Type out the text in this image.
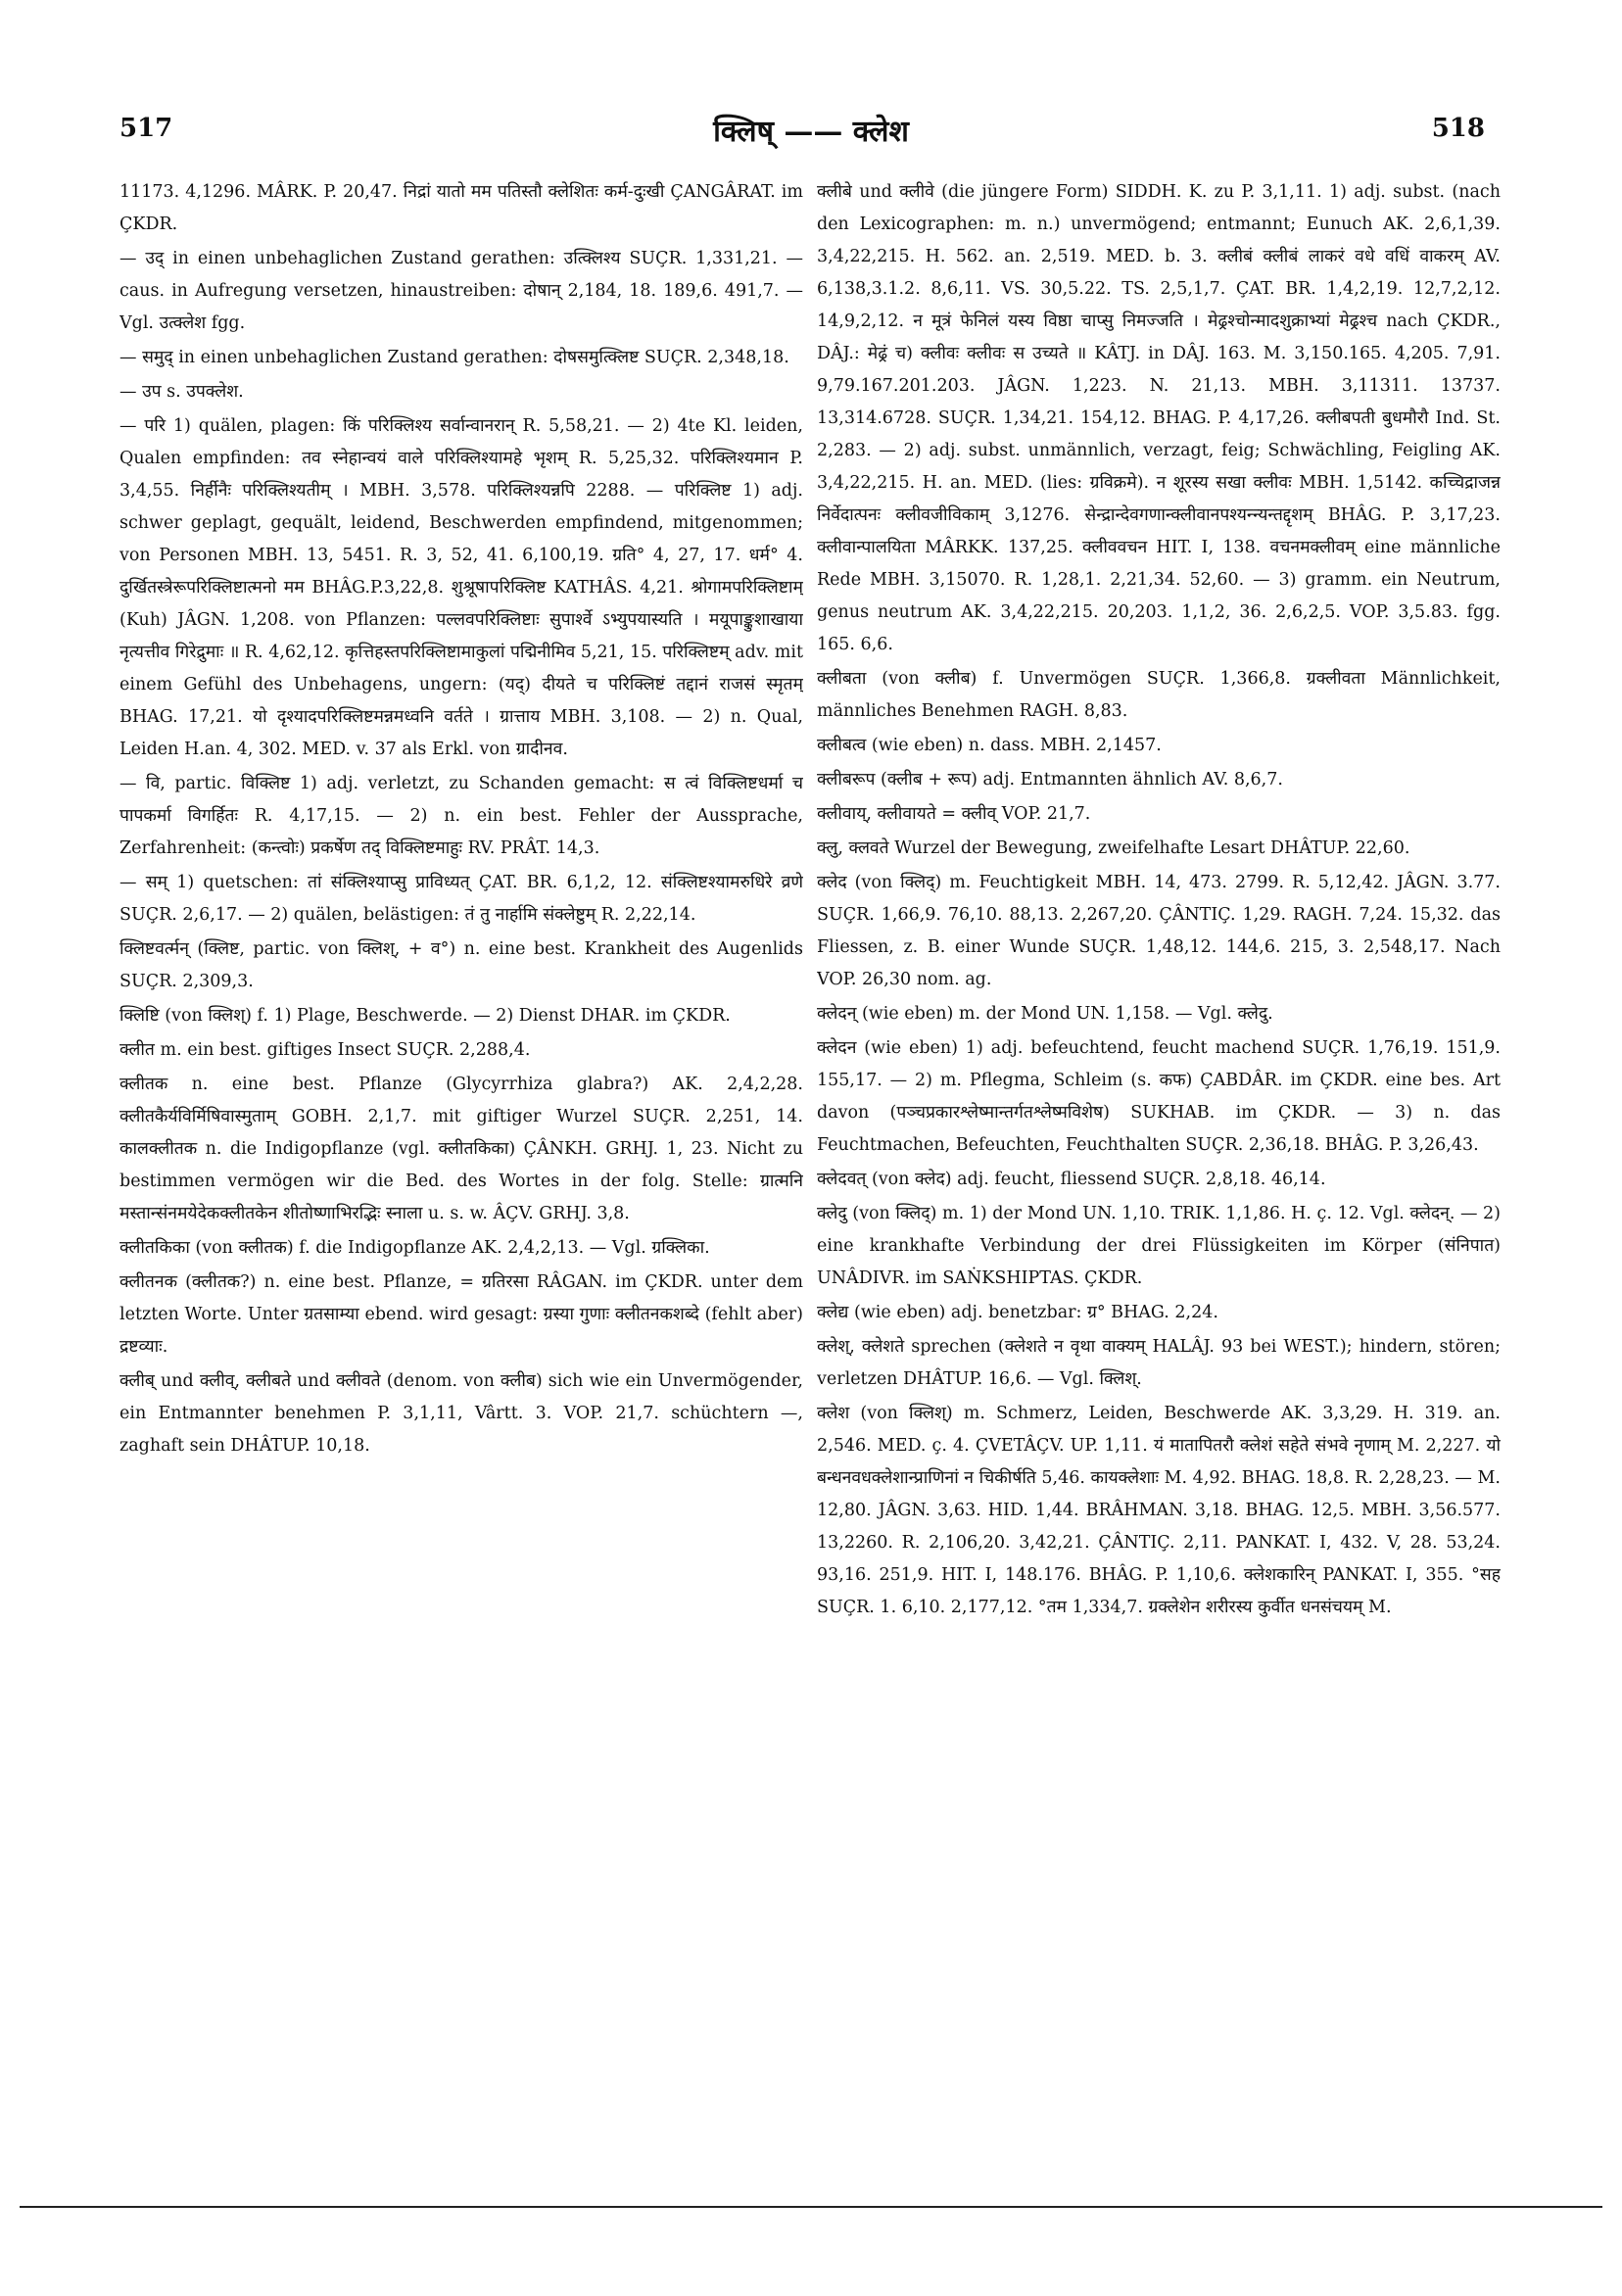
517	क्लिष् —— क्लेश	518

11173. 4,1296. MÂRK. P. 20,47. निद्रां यातो मम पतिस्तौ क्लेशितः कर्म-दुःखी ÇANGÂRAT. im ÇKDR.

— उद् in einen unbehaglichen Zustand gerathen: उत्क्लिश्य SUÇR. 1,331,21. — caus. in Aufregung versetzen, hinaustreiben: दोषान् 2,184, 18. 189,6. 491,7. — Vgl. उत्क्लेश fgg.

— समुद् in einen unbehaglichen Zustand gerathen: दोषसमुत्क्लिष्ट SUÇR. 2,348,18.

— उप s. उपक्लेश.

— परि 1) quälen, plagen: किं परिक्लिश्य सर्वान्वानरान् R. 5,58,21. — 2) 4te Kl. leiden, Qualen empfinden: तव स्नेहान्वयं वाले परिक्लिश्यामहे भृशम् R. 5,25,32. परिक्लिश्यमान P. 3,4,55. निर्हीनैः परिक्लिश्यतीम् । MBH. 3,578. परिक्लिश्यन्नपि 2288. — परिक्लिष्ट 1) adj. schwer geplagt, gequält, leidend, Beschwerden empfindend, mitgenommen; von Personen MBH. 13, 5451. R. 3, 52, 41. 6,100,19. ग्रति° 4, 27, 17. धर्म° 4. दुर्खितस्त्रेरूपरिक्लिष्टात्मनो मम BHÂG.P.3,22,8. शुश्रूषापरिक्लिष्ट KATHÂS. 4,21. श्रोगामपरिक्लिष्टाम् (Kuh) JÂGN. 1,208. von Pflanzen: पल्लवपरिक्लिष्टाः सुपार्श्वे ऽभ्युपयास्यति । मयूपाङ्कुशाखाया नृत्यत्तीव गिरेद्रुमाः ॥ R. 4,62,12. कृत्तिहस्तपरिक्लिष्टामाकुलां पद्मिनीमिव 5,21, 15. परिक्लिष्टम् adv. mit einem Gefühl des Unbehagens, ungern: (यद्) दीयते च परिक्लिष्टं तद्दानं राजसं स्मृतम् BHAG. 17,21. यो दृश्यादपरिक्लिष्टमन्नमध्वनि वर्तते । ग्रात्ताय MBH. 3,108. — 2) n. Qual, Leiden H.an. 4, 302. MED. v. 37 als Erkl. von ग्रादीनव.

— वि, partic. विक्लिष्ट 1) adj. verletzt, zu Schanden gemacht: स त्वं विक्लिष्टधर्मा च पापकर्मा विगर्हितः R. 4,17,15. — 2) n. ein best. Fehler der Aussprache, Zerfahrenheit: (कन्त्वोः) प्रकर्षेण तद् विक्लिष्टमाहुः RV. PRÂT. 14,3.

— सम् 1) quetschen: तां संक्लिश्याप्सु प्राविध्यत् ÇAT. BR. 6,1,2, 12. संक्लिष्टश्यामरुधिरे व्रणे SUÇR. 2,6,17. — 2) quälen, belästigen: तं तु नार्हामि संक्लेष्टुम् R. 2,22,14.

क्लिष्टवर्त्मन् (क्लिष्ट, partic. von क्लिश्, + व°) n. eine best. Krankheit des Augenlids SUÇR. 2,309,3.

क्लिष्टि (von क्लिश्) f. 1) Plage, Beschwerde. — 2) Dienst DHAR. im ÇKDR.

क्लीत m. ein best. giftiges Insect SUÇR. 2,288,4.

क्लीतक n. eine best. Pflanze (Glycyrrhiza glabra?) AK. 2,4,2,28. क्लीतकैर्यविर्मिषिवास्मुताम् GOBH. 2,1,7. mit giftiger Wurzel SUÇR. 2,251, 14. कालक्लीतक n. die Indigopflanze (vgl. क्लीतकिका) ÇÂNKH. GRHJ. 1, 23. Nicht zu bestimmen vermögen wir die Bed. des Wortes in der folg. Stelle: ग्रात्मनि मस्तान्संनमयेदेकक्लीतकेन शीतोष्णाभिरद्भिः स्नाला u. s. w. ÂÇV. GRHJ. 3,8.

क्लीतकिका (von क्लीतक) f. die Indigopflanze AK. 2,4,2,13. — Vgl. ग्रक्लिका.

क्लीतनक (क्लीतक?) n. eine best. Pflanze, = ग्रतिरसा RÂGAN. im ÇKDR. unter dem letzten Worte. Unter ग्रतसाम्या ebend. wird gesagt: ग्रस्या गुणाः क्लीतनकशब्दे (fehlt aber) द्रष्टव्याः.

क्लीब् und क्लीव्, क्लीबते und क्लीवते (denom. von क्लीब) sich wie ein Unvermögender, ein Entmannter benehmen P. 3,1,11, Vârtt. 3. VOP. 21,7. schüchtern —, zaghaft sein DHÂTUP. 10,18.

क्लीबे und क्लीवे (die jüngere Form) SIDDH. K. zu P. 3,1,11. 1) adj. subst. (nach den Lexicographen: m. n.) unvermögend; entmannt; Eunuch AK. 2,6,1,39. 3,4,22,215. H. 562. an. 2,519. MED. b. 3. क्लीबं क्लीबं लाकरं वधे वधिं वाकरम् AV. 6,138,3.1.2. 8,6,11. VS. 30,5.22. TS. 2,5,1,7. ÇAT. BR. 1,4,2,19. 12,7,2,12. 14,9,2,12. न मूत्रं फेनिलं यस्य विष्ठा चाप्सु निमज्जति । मेढ्रश्चोन्मादशुक्राभ्यां मेढ्रश्च nach ÇKDR., DÂJ.: मेढ्रं च) क्लीवः क्लीवः स उच्यते ॥ KÂTJ. in DÂJ. 163. M. 3,150.165. 4,205. 7,91. 9,79.167.201.203. JÂGN. 1,223. N. 21,13. MBH. 3,11311. 13737. 13,314.6728. SUÇR. 1,34,21. 154,12. BHAG. P. 4,17,26. क्लीबपती बुधमौरौ Ind. St. 2,283. — 2) adj. subst. unmännlich, verzagt, feig; Schwächling, Feigling AK. 3,4,22,215. H. an. MED. (lies: ग्रविक्रमे). न शूरस्य सखा क्लीवः MBH. 1,5142. कच्चिद्राजन्न निर्वेदात्पनः क्लीवजीविकाम् 3,1276. सेन्द्रान्देवगणान्क्लीवानपश्यन्न्यन्तद्दृशम् BHÂG. P. 3,17,23. क्लीवान्पालयिता MÂRKK. 137,25. क्लीववचन HIT. I, 138. वचनमक्लीवम् eine männliche Rede MBH. 3,15070. R. 1,28,1. 2,21,34. 52,60. — 3) gramm. ein Neutrum, genus neutrum AK. 3,4,22,215. 20,203. 1,1,2, 36. 2,6,2,5. VOP. 3,5.83. fgg. 165. 6,6.

क्लीबता (von क्लीब) f. Unvermögen SUÇR. 1,366,8. ग्रक्लीवता Männlichkeit, männliches Benehmen RAGH. 8,83.

क्लीबत्व (wie eben) n. dass. MBH. 2,1457.

क्लीबरूप (क्लीब + रूप) adj. Entmannten ähnlich AV. 8,6,7.

क्लीवाय्, क्लीवायते = क्लीव् VOP. 21,7.

क्लु, क्लवते Wurzel der Bewegung, zweifelhafte Lesart DHÂTUP. 22,60.

क्लेद (von क्लिद्) m. Feuchtigkeit MBH. 14, 473. 2799. R. 5,12,42. JÂGN. 3.77. SUÇR. 1,66,9. 76,10. 88,13. 2,267,20. ÇÂNTIÇ. 1,29. RAGH. 7,24. 15,32. das Fliessen, z. B. einer Wunde SUÇR. 1,48,12. 144,6. 215, 3. 2,548,17. Nach VOP. 26,30 nom. ag.

क्लेदन् (wie eben) m. der Mond UN. 1,158. — Vgl. क्लेदु.

क्लेदन (wie eben) 1) adj. befeuchtend, feucht machend SUÇR. 1,76,19. 151,9. 155,17. — 2) m. Pflegma, Schleim (s. कफ) ÇABDÂR. im ÇKDR. eine bes. Art davon (पञ्चप्रकारश्लेष्मान्तर्गतश्लेष्मविशेष) SUKHAB. im ÇKDR. — 3) n. das Feuchtmachen, Befeuchten, Feuchthalten SUÇR. 2,36,18. BHÂG. P. 3,26,43.

क्लेदवत् (von क्लेद) adj. feucht, fliessend SUÇR. 2,8,18. 46,14.

क्लेदु (von क्लिद्) m. 1) der Mond UN. 1,10. TRIK. 1,1,86. H. ç. 12. Vgl. क्लेदन्. — 2) eine krankhafte Verbindung der drei Flüssigkeiten im Körper (संनिपात) UNÂDIVR. im SAṄKSHIPTAS. ÇKDR.

क्लेद्य (wie eben) adj. benetzbar: ग्र° BHAG. 2,24.

क्लेश्, क्लेशते sprechen (क्लेशते न वृथा वाक्यम् HALÂJ. 93 bei WEST.); hindern, stören; verletzen DHÂTUP. 16,6. — Vgl. क्लिश्.

क्लेश (von क्लिश्) m. Schmerz, Leiden, Beschwerde AK. 3,3,29. H. 319. an. 2,546. MED. ç. 4. ÇVETÂÇV. UP. 1,11. यं मातापितरौ क्लेशं सहेते संभवे नृणाम् M. 2,227. यो बन्धनवधक्लेशान्प्राणिनां न चिकीर्षति 5,46. कायक्लेशाः M. 4,92. BHAG. 18,8. R. 2,28,23. — M. 12,80. JÂGN. 3,63. HID. 1,44. BRÂHMAN. 3,18. BHAG. 12,5. MBH. 3,56.577. 13,2260. R. 2,106,20. 3,42,21. ÇÂNTIÇ. 2,11. PANKAT. I, 432. V, 28. 53,24. 93,16. 251,9. HIT. I, 148.176. BHÂG. P. 1,10,6. क्लेशकारिन् PANKAT. I, 355. °सह SUÇR. 1. 6,10. 2,177,12. °तम 1,334,7. ग्रक्लेशेन शरीरस्य कुर्वीत धनसंचयम् M.
